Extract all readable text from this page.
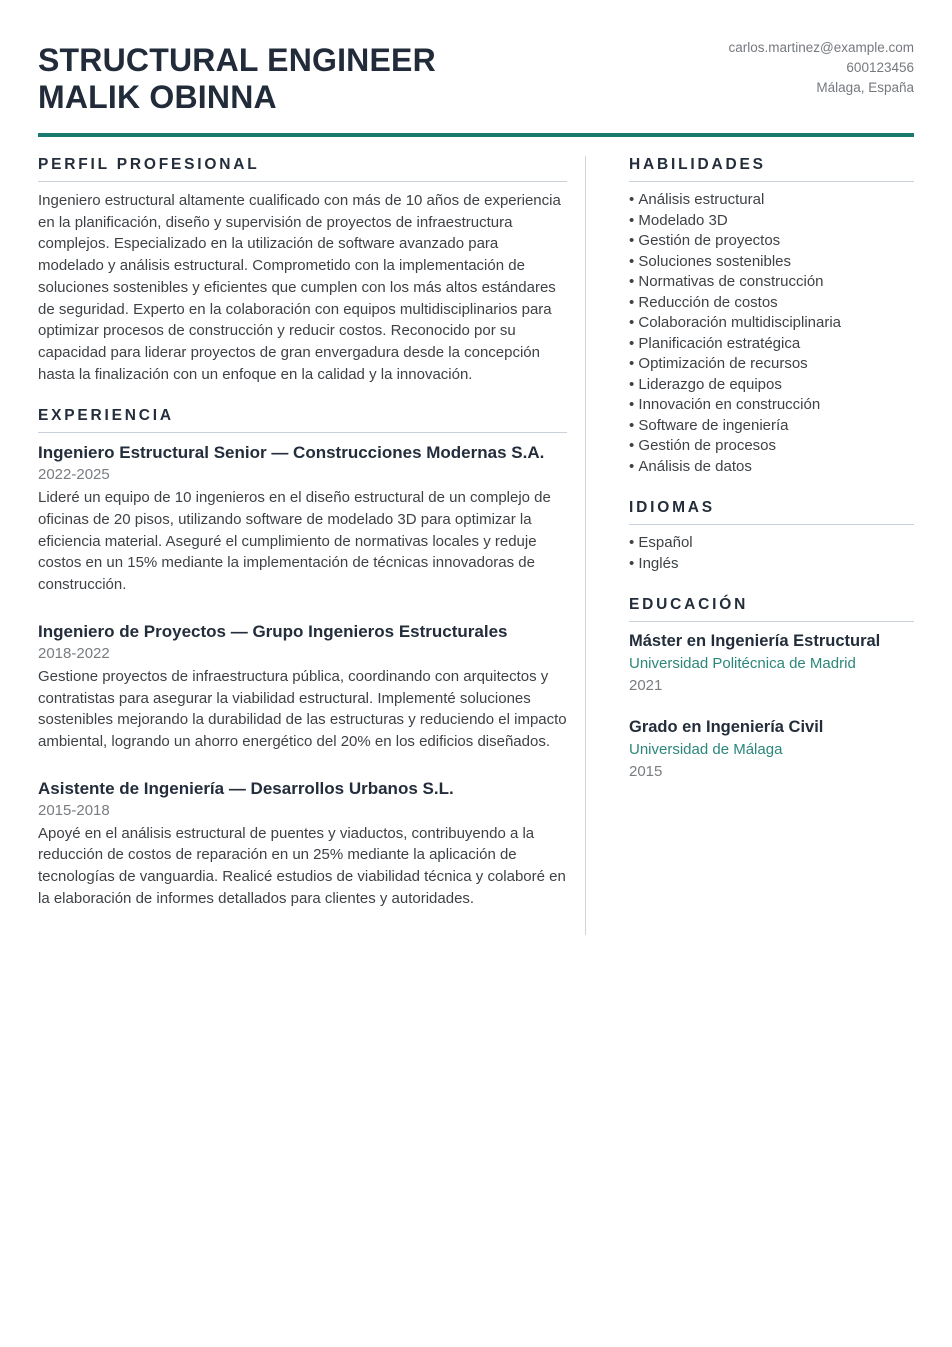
STRUCTURAL ENGINEER
MALIK OBINNA
carlos.martinez@example.com
600123456
Málaga, España
PERFIL PROFESIONAL

Ingeniero estructural altamente cualificado con más de 10 años de experiencia en la planificación, diseño y supervisión de proyectos de infraestructura complejos. Especializado en la utilización de software avanzado para modelado y análisis estructural. Comprometido con la implementación de soluciones sostenibles y eficientes que cumplen con los más altos estándares de seguridad. Experto en la colaboración con equipos multidisciplinarios para optimizar procesos de construcción y reducir costos. Reconocido por su capacidad para liderar proyectos de gran envergadura desde la concepción hasta la finalización con un enfoque en la calidad y la innovación.

EXPERIENCIA
Ingeniero Estructural Senior — Construcciones Modernas S.A.
2022-2025

Lideré un equipo de 10 ingenieros en el diseño estructural de un complejo de oficinas de 20 pisos, utilizando software de modelado 3D para optimizar la eficiencia material. Aseguré el cumplimiento de normativas locales y reduje costos en un 15% mediante la implementación de técnicas innovadoras de construcción.

Ingeniero de Proyectos — Grupo Ingenieros Estructurales
2018-2022

Gestione proyectos de infraestructura pública, coordinando con arquitectos y contratistas para asegurar la viabilidad estructural. Implementé soluciones sostenibles mejorando la durabilidad de las estructuras y reduciendo el impacto ambiental, logrando un ahorro energético del 20% en los edificios diseñados.

Asistente de Ingeniería — Desarrollos Urbanos S.L.
2015-2018

Apoyé en el análisis estructural de puentes y viaductos, contribuyendo a la reducción de costos de reparación en un 25% mediante la aplicación de tecnologías de vanguardia. Realicé estudios de viabilidad técnica y colaboré en la elaboración de informes detallados para clientes y autoridades.

HABILIDADES
• Análisis estructural
• Modelado 3D
• Gestión de proyectos
• Soluciones sostenibles
• Normativas de construcción
• Reducción de costos
• Colaboración multidisciplinaria
• Planificación estratégica
• Optimización de recursos
• Liderazgo de equipos
• Innovación en construcción
• Software de ingeniería
• Gestión de procesos
• Análisis de datos
IDIOMAS
• Español
• Inglés
EDUCACIÓN
Máster en Ingeniería Estructural
Universidad Politécnica de Madrid
2021
Grado en Ingeniería Civil
Universidad de Málaga
2015
